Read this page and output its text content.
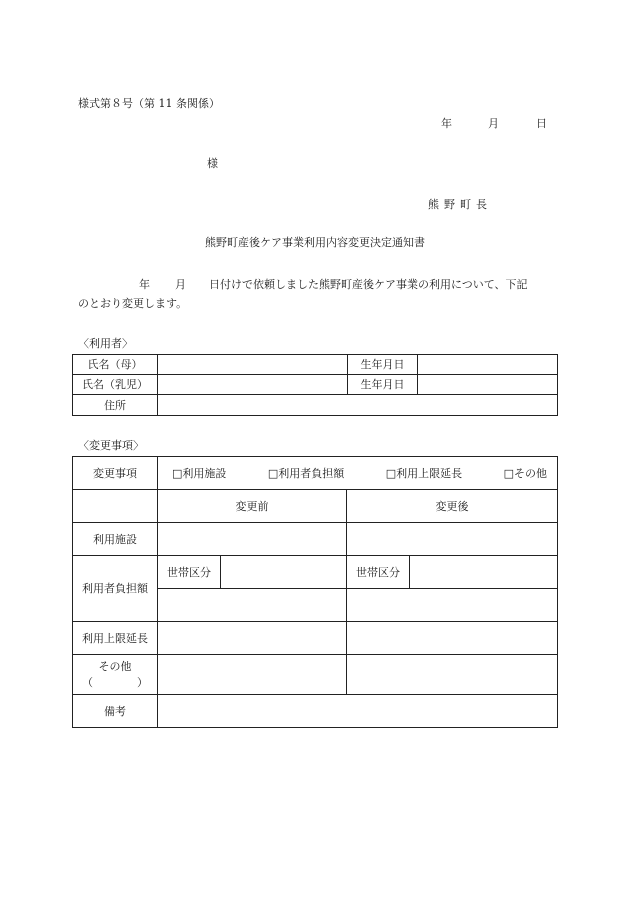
様式第８号（第 11 条関係）
年	月	日
様
熊野町長
熊野町産後ケア事業利用内容変更決定通知書
年 月 日付けで依頼しました熊野町産後ケア事業の利用について、下記
のとおり変更します。
〈利用者〉
氏名（母）		生年月日	
氏名（乳児）		生年月日	
住所			
〈変更事項〉
変更事項	□利用施設 □利用者負担額 □利用上限延長 □その他			

	変更前		変更後	
利用施設				
利用者負担額	世帯区分		世帯区分	

利用上限延長				

その他
（　　　　）				

備考				
